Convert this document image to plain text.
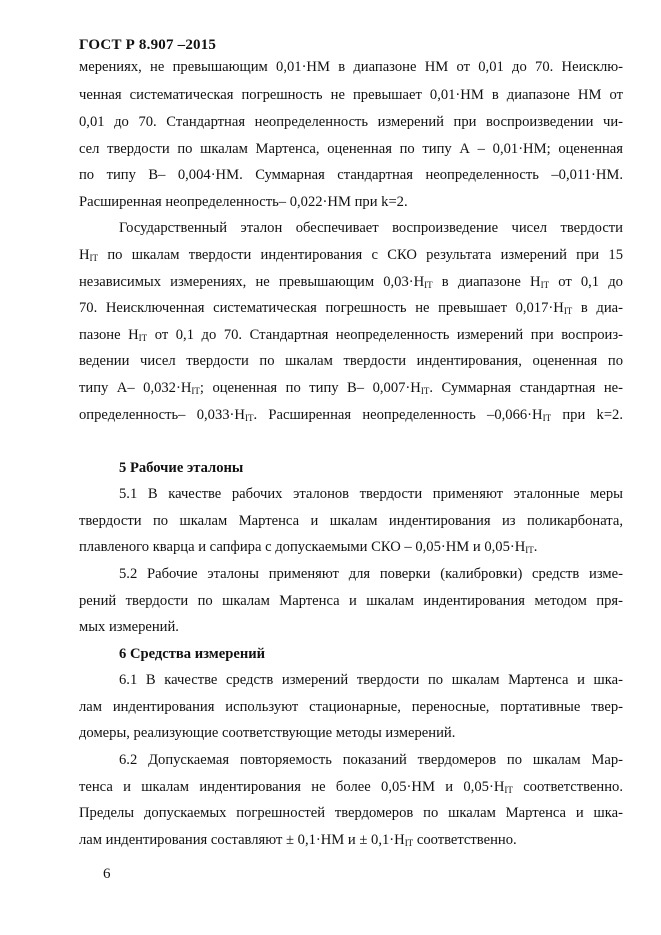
ГОСТ Р 8.907 –2015
мерениях, не превышающим 0,01·НМ в диапазоне НМ от 0,01 до 70. Неисклю-
ченная систематическая погрешность не превышает 0,01·НМ в диапазоне НМ от
0,01 до 70. Стандартная неопределенность измерений при воспроизведении чи-
сел твердости по шкалам Мартенса, оцененная по типу А – 0,01·НМ; оцененная
по типу В– 0,004·НМ. Суммарная стандартная неопределенность –0,011·НМ.
Расширенная неопределенность– 0,022·НМ при k=2.
Государственный эталон обеспечивает воспроизведение чисел твердости
$H_{IT}$ по шкалам твердости индентирования с СКО результата измерений при 15
независимых измерениях, не превышающим $0,03\cdot H_{IT}$ в диапазоне $H_{IT}$ от 0,1 до
70. Неисключенная систематическая погрешность не превышает $0,017\cdot H_{IT}$ в диа-
пазоне $H_{IT}$ от 0,1 до 70. Стандартная неопределенность измерений при воспроиз-
ведении чисел твердости по шкалам твердости индентирования, оцененная по
типу А– $0,032\cdot H_{IT}$; оцененная по типу В– $0,007\cdot H_{IT}$. Суммарная стандартная не-
определенность– $0,033\cdot H_{IT}$. Расширенная неопределенность $-0,066\cdot H_{IT}$ при k=2.
5 Рабочие эталоны
5.1 В качестве рабочих эталонов твердости применяют эталонные меры
твердости по шкалам Мартенса и шкалам индентирования из поликарбоната,
плавленого кварца и сапфира с допускаемыми СКО – 0,05·НМ и $0,05\cdot H_{IT}$.
5.2 Рабочие эталоны применяют для поверки (калибровки) средств изме-
рений твердости по шкалам Мартенса и шкалам индентирования методом пря-
мых измерений.
6 Средства измерений
6.1 В качестве средств измерений твердости по шкалам Мартенса и шка-
лам индентирования используют стационарные, переносные, портативные твер-
домеры, реализующие соответствующие методы измерений.
6.2 Допускаемая повторяемость показаний твердомеров по шкалам Мар-
тенса и шкалам индентирования не более 0,05·НМ и $0,05\cdot H_{IT}$ соответственно.
Пределы допускаемых погрешностей твердомеров по шкалам Мартенса и шка-
лам индентирования составляют ± 0,1·НМ $и \pm 0,1\cdot H_{IT}$ соответственно.
6
